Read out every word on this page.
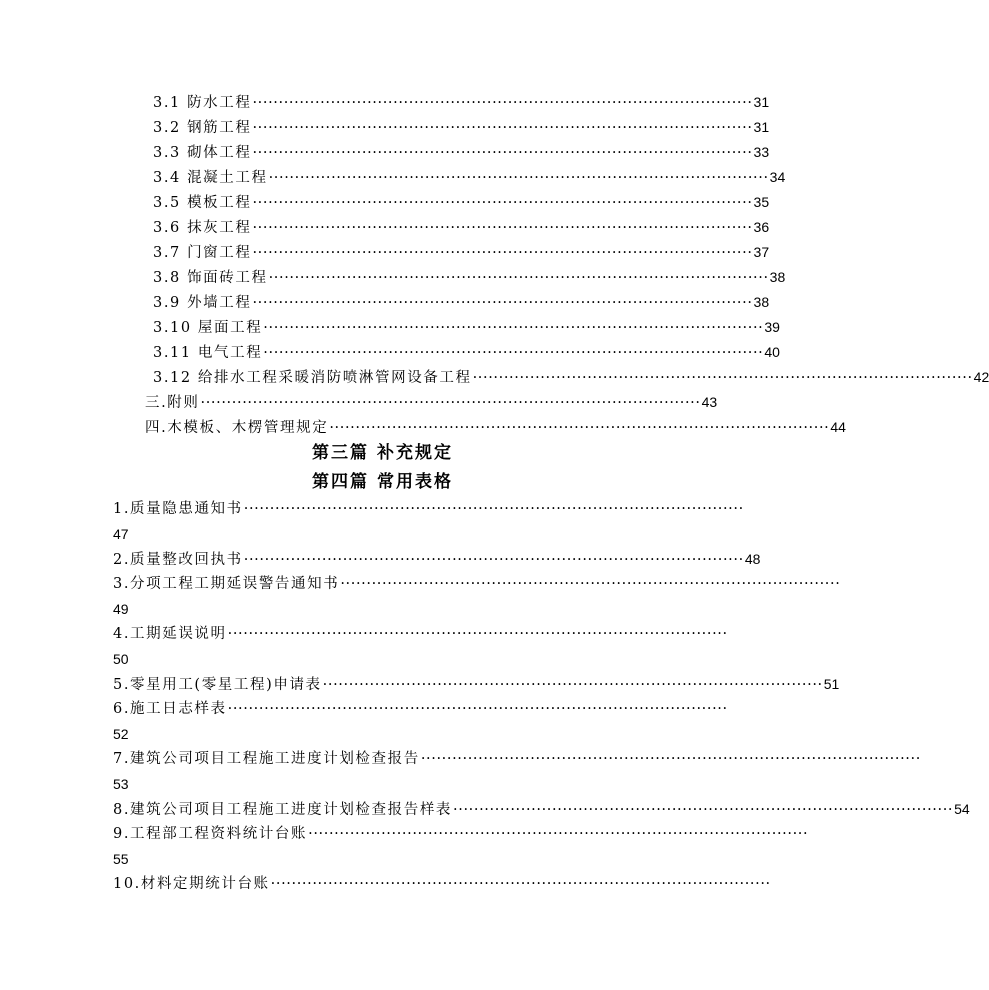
3.1 防水工程 ································································································ 31
3.2 钢筋工程 ································································································ 31
3.3 砌体工程 ································································································ 33
3.4 混凝土工程 ································································································ 34
3.5 模板工程 ································································································ 35
3.6 抹灰工程 ································································································ 36
3.7 门窗工程 ································································································ 37
3.8 饰面砖工程 ································································································ 38
3.9 外墙工程 ································································································ 38
3.10 屋面工程 ································································································ 39
3.11 电气工程 ································································································ 40
3.12 给排水工程采暖消防喷淋管网设备工程 ································································································ 42
三.附则 ································································································ 43
四.木模板、木楞管理规定 ································································································ 44
第三篇 补充规定
第四篇 常用表格
1.质量隐患通知书 ································································································
47
2.质量整改回执书 ································································································ 48
3.分项工程工期延误警告通知书 ································································································
49
4.工期延误说明 ································································································
50
5.零星用工(零星工程)申请表 ································································································ 51
6.施工日志样表 ································································································
52
7.建筑公司项目工程施工进度计划检查报告 ································································································
53
8.建筑公司项目工程施工进度计划检查报告样表 ································································································ 54
9.工程部工程资料统计台账 ································································································
55
10.材料定期统计台账 ································································································
